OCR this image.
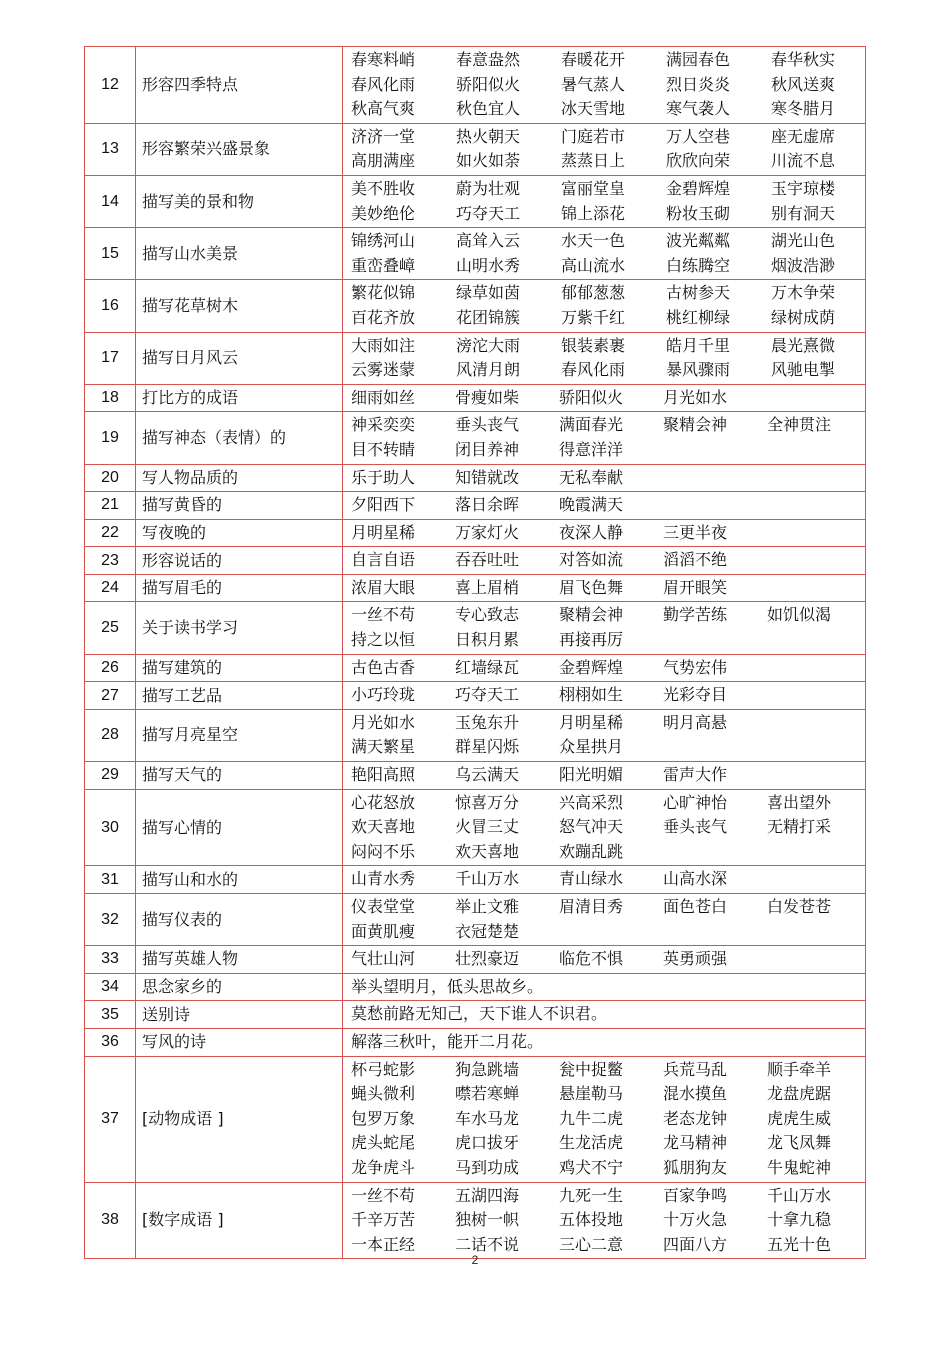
12	形容四季特点	春寒料峭 春意盎然 春暖花开 满园春色 春华秋实
春风化雨 骄阳似火 暑气蒸人 烈日炎炎 秋风送爽
秋高气爽 秋色宜人 冰天雪地 寒气袭人 寒冬腊月

13	形容繁荣兴盛景象	济济一堂 热火朝天 门庭若市 万人空巷 座无虚席
高朋满座 如火如荼 蒸蒸日上 欣欣向荣 川流不息

14	描写美的景和物	美不胜收 蔚为壮观 富丽堂皇 金碧辉煌 玉宇琼楼
美妙绝伦 巧夺天工 锦上添花 粉妆玉砌 别有洞天

15	描写山水美景	锦绣河山 高耸入云 水天一色 波光粼粼 湖光山色
重峦叠嶂 山明水秀 高山流水 白练腾空 烟波浩渺

16	描写花草树木	繁花似锦 绿草如茵 郁郁葱葱 古树参天 万木争荣
百花齐放 花团锦簇 万紫千红 桃红柳绿 绿树成荫

17	描写日月风云	大雨如注 滂沱大雨 银装素裹 皓月千里 晨光熹微
云雾迷蒙 风清月朗 春风化雨 暴风骤雨 风驰电掣

18	打比方的成语	细雨如丝 骨瘦如柴 骄阳似火 月光如水

19	描写神态（表情）的	神采奕奕 垂头丧气 满面春光 聚精会神 全神贯注
目不转睛 闭目养神 得意洋洋

20	写人物品质的	乐于助人 知错就改 无私奉献

21	描写黄昏的	夕阳西下 落日余晖 晚霞满天

22	写夜晚的	月明星稀 万家灯火 夜深人静 三更半夜

23	形容说话的	自言自语 吞吞吐吐 对答如流 滔滔不绝

24	描写眉毛的	浓眉大眼 喜上眉梢 眉飞色舞 眉开眼笑

25	关于读书学习	一丝不苟 专心致志 聚精会神 勤学苦练 如饥似渴
持之以恒 日积月累 再接再厉

26	描写建筑的	古色古香 红墙绿瓦 金碧辉煌 气势宏伟

27	描写工艺品	小巧玲珑 巧夺天工 栩栩如生 光彩夺目

28	描写月亮星空	月光如水 玉兔东升 月明星稀 明月高悬
满天繁星 群星闪烁 众星拱月

29	描写天气的	艳阳高照 乌云满天 阳光明媚 雷声大作

30	描写心情的	心花怒放 惊喜万分 兴高采烈 心旷神怡 喜出望外
欢天喜地 火冒三丈 怒气冲天 垂头丧气 无精打采
闷闷不乐 欢天喜地 欢蹦乱跳

31	描写山和水的	山青水秀 千山万水 青山绿水 山高水深

32	描写仪表的	仪表堂堂 举止文雅 眉清目秀 面色苍白 白发苍苍
面黄肌瘦 衣冠楚楚

33	描写英雄人物	气壮山河 壮烈豪迈 临危不惧 英勇顽强

34	思念家乡的	举头望明月，低头思故乡。

35	送别诗	莫愁前路无知己，天下谁人不识君。

36	写风的诗	解落三秋叶，能开二月花。

37	[动物成语 ]	杯弓蛇影 狗急跳墙 瓮中捉鳖 兵荒马乱 顺手牵羊
蝇头微利 噤若寒蝉 悬崖勒马 混水摸鱼 龙盘虎踞
包罗万象 车水马龙 九牛二虎 老态龙钟 虎虎生威
虎头蛇尾 虎口拔牙 生龙活虎 龙马精神 龙飞凤舞
龙争虎斗 马到功成 鸡犬不宁 狐朋狗友 牛鬼蛇神

38	[数字成语 ]	一丝不苟 五湖四海 九死一生 百家争鸣 千山万水
千辛万苦 独树一帜 五体投地 十万火急 十拿九稳
一本正经 二话不说 三心二意 四面八方 五光十色
2
